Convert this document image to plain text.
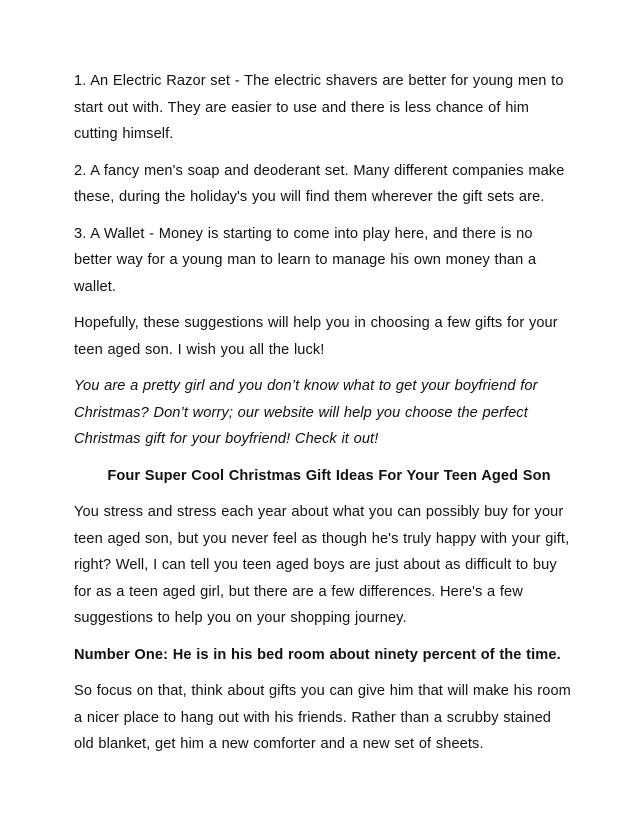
1. An Electric Razor set - The electric shavers are better for young men to start out with. They are easier to use and there is less chance of him cutting himself.

2. A fancy men's soap and deoderant set. Many different companies make these, during the holiday's you will find them wherever the gift sets are.

3. A Wallet - Money is starting to come into play here, and there is no better way for a young man to learn to manage his own money than a wallet.

Hopefully, these suggestions will help you in choosing a few gifts for your teen aged son. I wish you all the luck!

You are a pretty girl and you don’t know what to get your boyfriend for Christmas? Don’t worry; our website will help you choose the perfect Christmas gift for your boyfriend! Check it out!

Four Super Cool Christmas Gift Ideas For Your Teen Aged Son

You stress and stress each year about what you can possibly buy for your teen aged son, but you never feel as though he's truly happy with your gift, right? Well, I can tell you teen aged boys are just about as difficult to buy for as a teen aged girl, but there are a few differences. Here's a few suggestions to help you on your shopping journey.

Number One: He is in his bed room about ninety percent of the time.

So focus on that, think about gifts you can give him that will make his room a nicer place to hang out with his friends. Rather than a scrubby stained old blanket, get him a new comforter and a new set of sheets.
